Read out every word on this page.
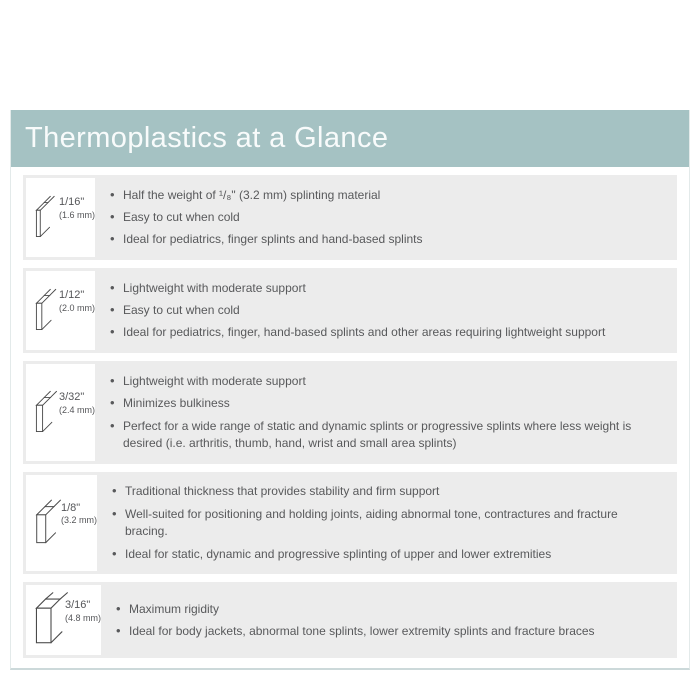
Thermoplastics at a Glance
1/16"
(1.6 mm)
• Half the weight of ¹/₈" (3.2 mm) splinting material
• Easy to cut when cold
• Ideal for pediatrics, finger splints and hand-based splints
1/12"
(2.0 mm)
• Lightweight with moderate support
• Easy to cut when cold
• Ideal for pediatrics, finger, hand-based splints and other areas requiring lightweight support
3/32"
(2.4 mm)
• Lightweight with moderate support
• Minimizes bulkiness
• Perfect for a wide range of static and dynamic splints or progressive splints where less weight is desired (i.e. arthritis, thumb, hand, wrist and small area splints)
1/8"
(3.2 mm)
• Traditional thickness that provides stability and firm support
• Well-suited for positioning and holding joints, aiding abnormal tone, contractures and fracture bracing.
• Ideal for static, dynamic and progressive splinting of upper and lower extremities
3/16"
(4.8 mm)
• Maximum rigidity
• Ideal for body jackets, abnormal tone splints, lower extremity splints and fracture braces
